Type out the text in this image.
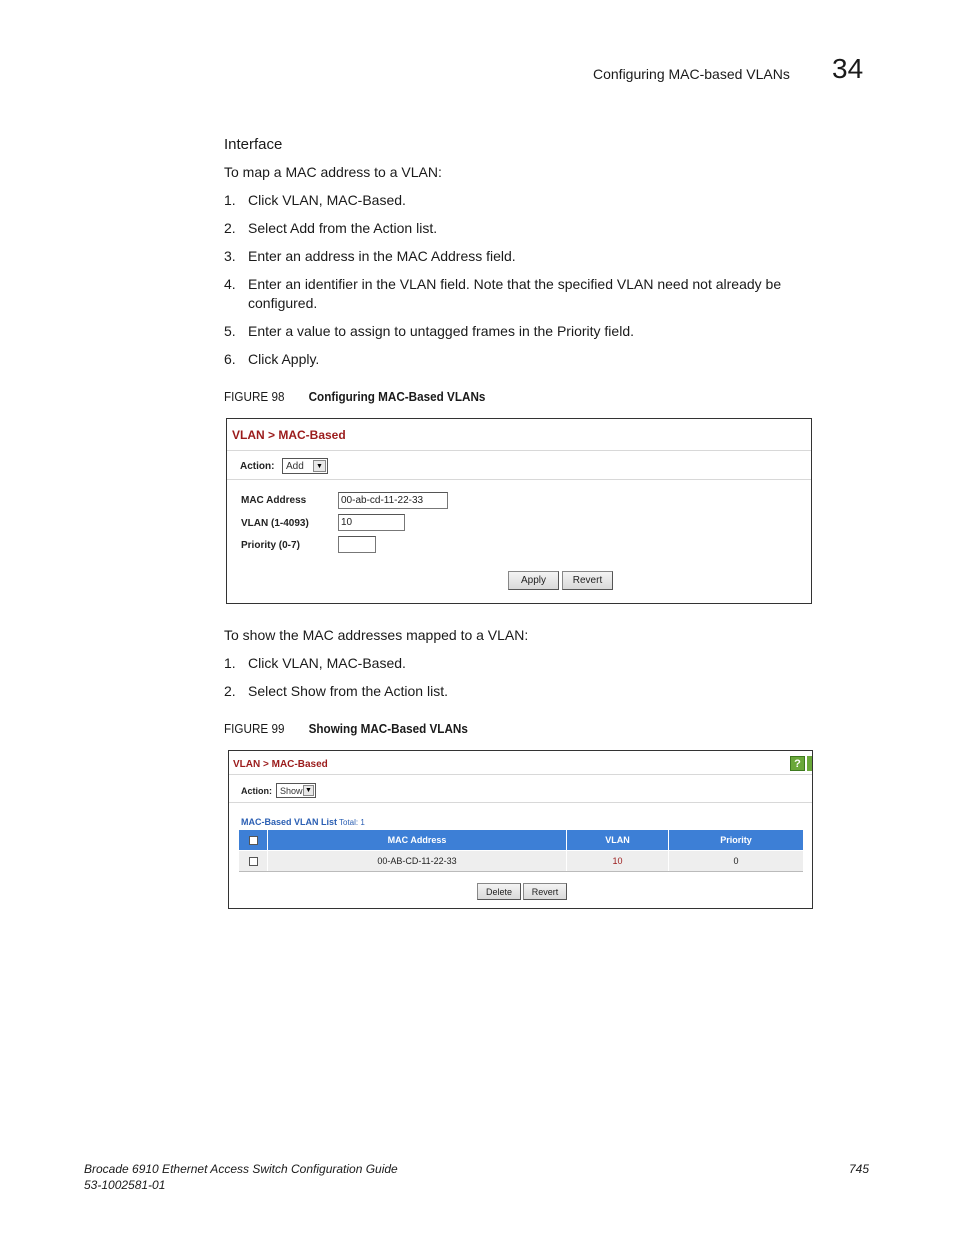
Configuring MAC-based VLANs 34
Interface
To map a MAC address to a VLAN:
1. Click VLAN, MAC-Based.
2. Select Add from the Action list.
3. Enter an address in the MAC Address field.
4. Enter an identifier in the VLAN field. Note that the specified VLAN need not already be configured.
5. Enter a value to assign to untagged frames in the Priority field.
6. Click Apply.
FIGURE 98	Configuring MAC-Based VLANs
VLAN > MAC-Based
Action:	Add	▼
MAC Address	00-ab-cd-11-22-33
VLAN (1-4093)	10
Priority (0-7)
Apply	Revert
To show the MAC addresses mapped to a VLAN:
1. Click VLAN, MAC-Based.
2. Select Show from the Action list.
FIGURE 99	Showing MAC-Based VLANs
VLAN > MAC-Based	?
Action: Show ▼
MAC-Based VLAN List Total: 1
MAC Address	VLAN	Priority
00-AB-CD-11-22-33	10	0
Delete	Revert
Brocade 6910 Ethernet Access Switch Configuration Guide
53-1002581-01
745
